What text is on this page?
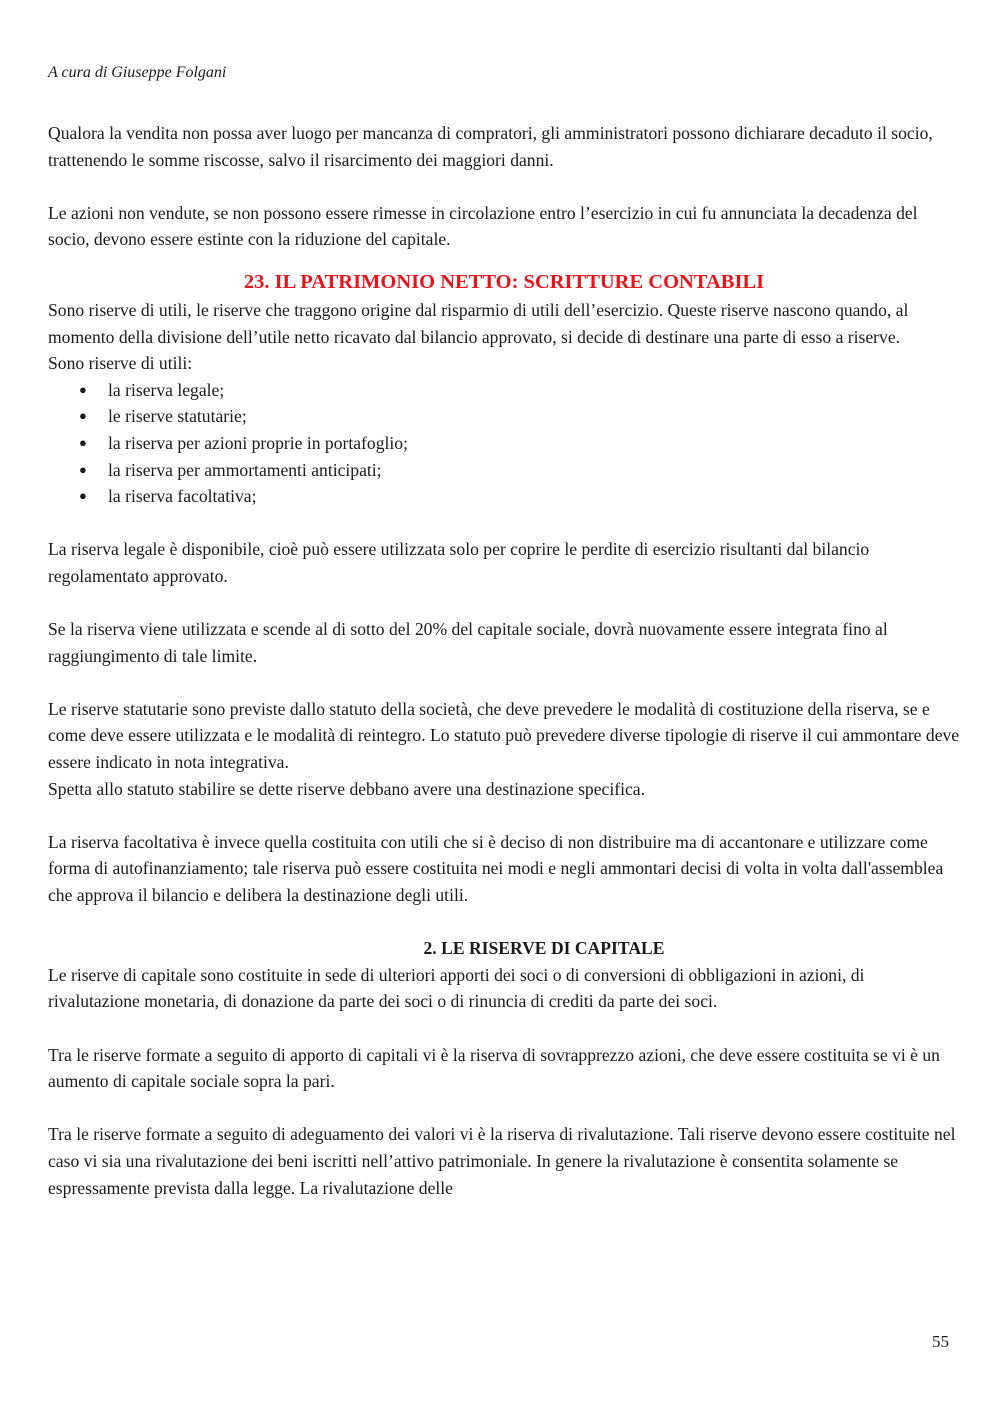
A cura di Giuseppe Folgani

Qualora la vendita non possa aver luogo per mancanza di compratori, gli amministratori possono dichiarare decaduto il socio, trattenendo le somme riscosse, salvo il risarcimento dei maggiori danni.

Le azioni non vendute, se non possono essere rimesse in circolazione entro l’esercizio in cui fu annunciata la decadenza del socio, devono essere estinte con la riduzione del capitale.

23. IL PATRIMONIO NETTO: SCRITTURE CONTABILI

Sono riserve di utili, le riserve che traggono origine dal risparmio di utili dell’esercizio. Queste riserve nascono quando, al momento della divisione dell’utile netto ricavato dal bilancio approvato, si decide di destinare una parte di esso a riserve.

Sono riserve di utili:

● la riserva legale;
● le riserve statutarie;
● la riserva per azioni proprie in portafoglio;
● la riserva per ammortamenti anticipati;
● la riserva facoltativa;

La riserva legale è disponibile, cioè può essere utilizzata solo per coprire le perdite di esercizio risultanti dal bilancio regolamentato approvato.

Se la riserva viene utilizzata e scende al di sotto del 20% del capitale sociale, dovrà nuovamente essere integrata fino al raggiungimento di tale limite.

Le riserve statutarie sono previste dallo statuto della società, che deve prevedere le modalità di costituzione della riserva, se e come deve essere utilizzata e le modalità di reintegro. Lo statuto può prevedere diverse tipologie di riserve il cui ammontare deve essere indicato in nota integrativa.

Spetta allo statuto stabilire se dette riserve debbano avere una destinazione specifica.

La riserva facoltativa è invece quella costituita con utili che si è deciso di non distribuire ma di accantonare e utilizzare come forma di autofinanziamento; tale riserva può essere costituita nei modi e negli ammontari decisi di volta in volta dall'assemblea che approva il bilancio e delibera la destinazione degli utili.

2. LE RISERVE DI CAPITALE

Le riserve di capitale sono costituite in sede di ulteriori apporti dei soci o di conversioni di obbligazioni in azioni, di rivalutazione monetaria, di donazione da parte dei soci o di rinuncia di crediti da parte dei soci.

Tra le riserve formate a seguito di apporto di capitali vi è la riserva di sovrapprezzo azioni, che deve essere costituita se vi è un aumento di capitale sociale sopra la pari.

Tra le riserve formate a seguito di adeguamento dei valori vi è la riserva di rivalutazione. Tali riserve devono essere costituite nel caso vi sia una rivalutazione dei beni iscritti nell’attivo patrimoniale. In genere la rivalutazione è consentita solamente se espressamente prevista dalla legge. La rivalutazione delle

55
